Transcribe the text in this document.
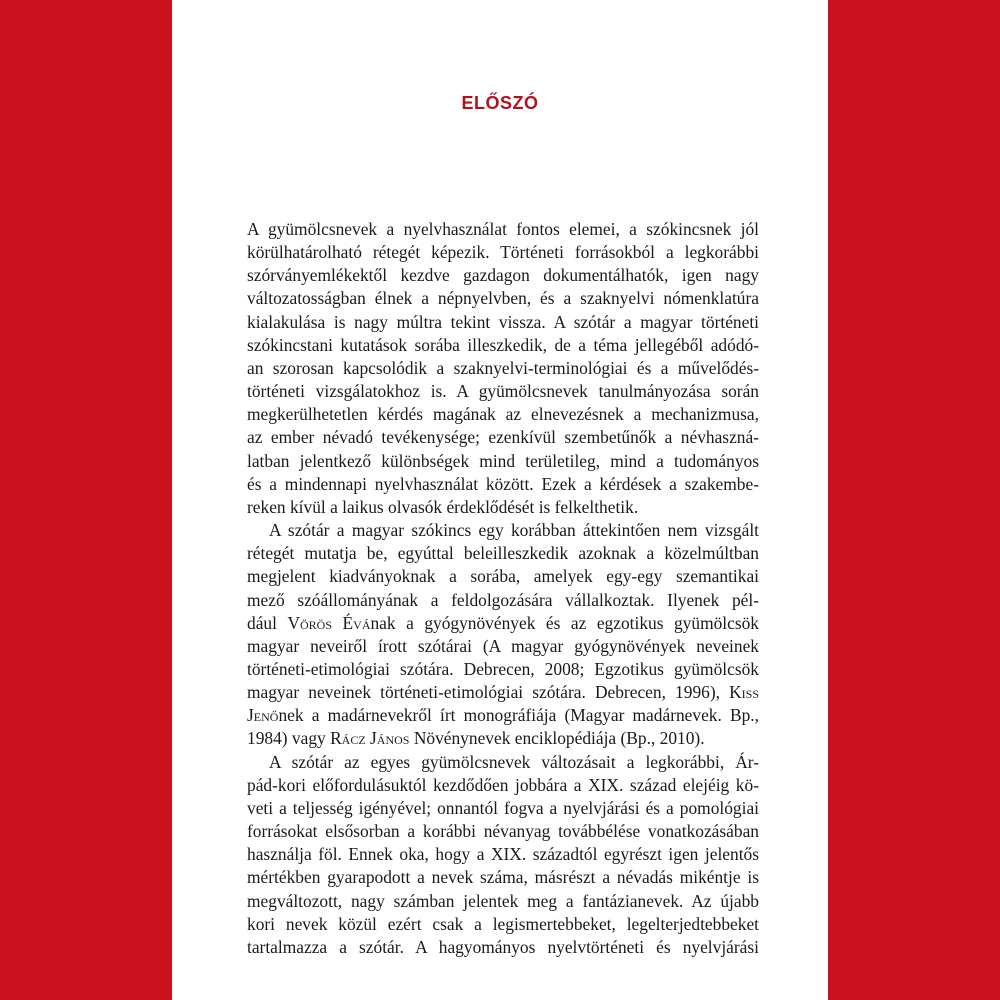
ELŐSZÓ
A gyümölcsnevek a nyelvhasználat fontos elemei, a szókincsnek jól
körülhatárolható rétegét képezik. Történeti forrásokból a legkorábbi
szórványemlékektől kezdve gazdagon dokumentálhatók, igen nagy
változatosságban élnek a népnyelvben, és a szaknyelvi nómenklatúra
kialakulása is nagy múltra tekint vissza. A szótár a magyar történeti
szókincstani kutatások sorába illeszkedik, de a téma jellegéből adódó-
an szorosan kapcsolódik a szaknyelvi-terminológiai és a művelődés-
történeti vizsgálatokhoz is. A gyümölcsnevek tanulmányozása során
megkerülhetetlen kérdés magának az elnevezésnek a mechanizmusa,
az ember névadó tevékenysége; ezenkívül szembetűnők a névhaszná-
latban jelentkező különbségek mind területileg, mind a tudományos
és a mindennapi nyelvhasználat között. Ezek a kérdések a szakembe-
reken kívül a laikus olvasók érdeklődését is felkelthetik.
A szótár a magyar szókincs egy korábban áttekintően nem vizsgált
rétegét mutatja be, egyúttal beleilleszkedik azoknak a közelmúltban
megjelent kiadványoknak a sorába, amelyek egy-egy szemantikai
mező szóállományának a feldolgozására vállalkoztak. Ilyenek pél-
dául Vörös Évának a gyógynövények és az egzotikus gyümölcsök
magyar neveiről írott szótárai (A magyar gyógynövények neveinek
történeti-etimológiai szótára. Debrecen, 2008; Egzotikus gyümölcsök
magyar neveinek történeti-etimológiai szótára. Debrecen, 1996), Kiss
Jenőnek a madárnevekről írt monográfiája (Magyar madárnevek. Bp.,
1984) vagy Rácz János Növénynevek enciklopédiája (Bp., 2010).
A szótár az egyes gyümölcsnevek változásait a legkorábbi, Ár-
pád-kori előfordulásuktól kezdődően jobbára a XIX. század elejéig kö-
veti a teljesség igényével; onnantól fogva a nyelvjárási és a pomológiai
forrásokat elsősorban a korábbi névanyag továbbélése vonatkozásában
használja föl. Ennek oka, hogy a XIX. századtól egyrészt igen jelentős
mértékben gyarapodott a nevek száma, másrészt a névadás mikéntje is
megváltozott, nagy számban jelentek meg a fantázianevek. Az újabb
kori nevek közül ezért csak a legismertebbeket, legelterjedtebbeket
tartalmazza a szótár. A hagyományos nyelvtörténeti és nyelvjárási
